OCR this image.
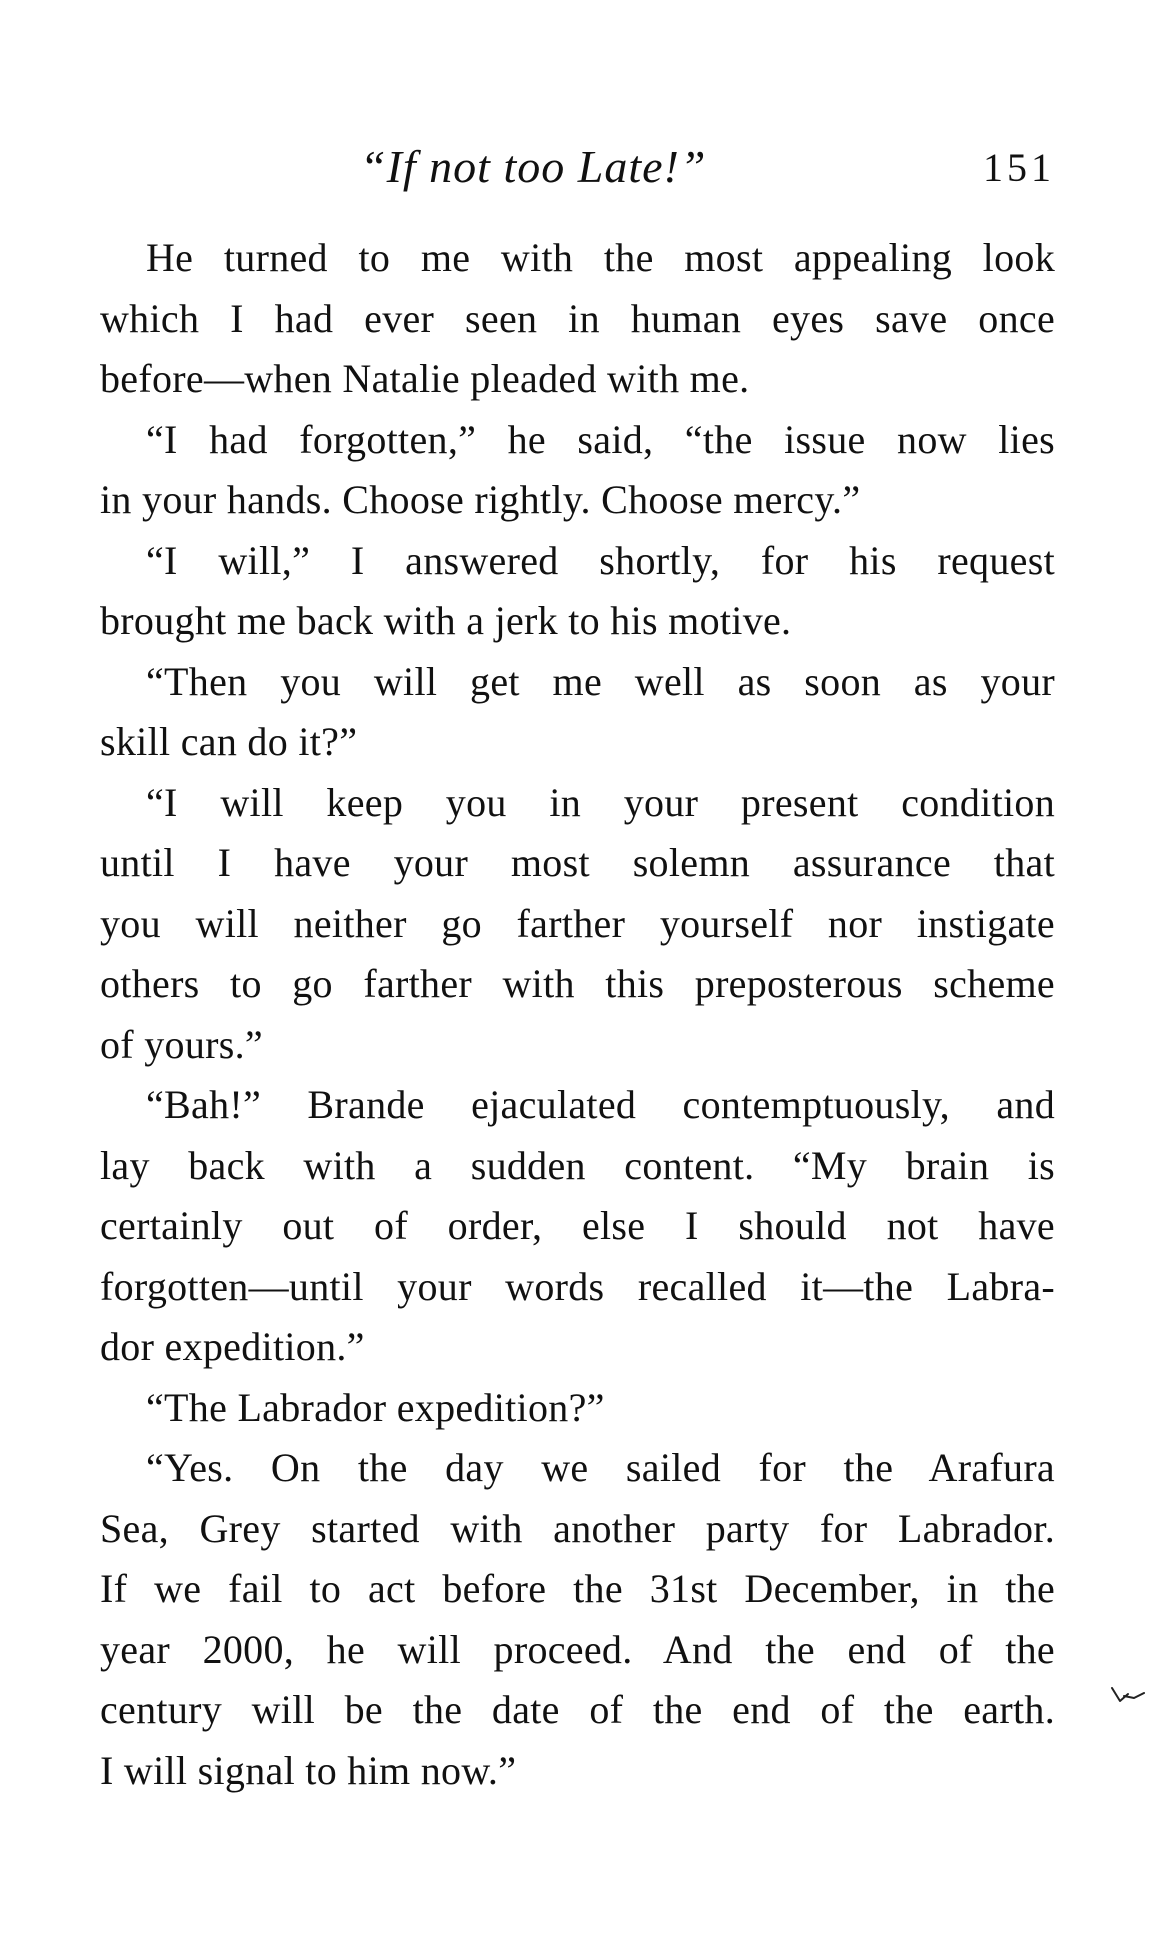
“If not too Late!”	151
He turned to me with the most appealing look
which I had ever seen in human eyes save once
before—when Natalie pleaded with me.
“I had forgotten,” he said, “the issue now lies
in your hands. Choose rightly. Choose mercy.”
“I will,” I answered shortly, for his request
brought me back with a jerk to his motive.
“Then you will get me well as soon as your
skill can do it?”
“I will keep you in your present condition
until I have your most solemn assurance that
you will neither go farther yourself nor instigate
others to go farther with this preposterous scheme
of yours.”
“Bah!” Brande ejaculated contemptuously, and
lay back with a sudden content. “My brain is
certainly out of order, else I should not have
forgotten—until your words recalled it—the Labra-
dor expedition.”
“The Labrador expedition?”
“Yes. On the day we sailed for the Arafura
Sea, Grey started with another party for Labrador.
If we fail to act before the 31st December, in the
year 2000, he will proceed. And the end of the
century will be the date of the end of the earth.
I will signal to him now.”
